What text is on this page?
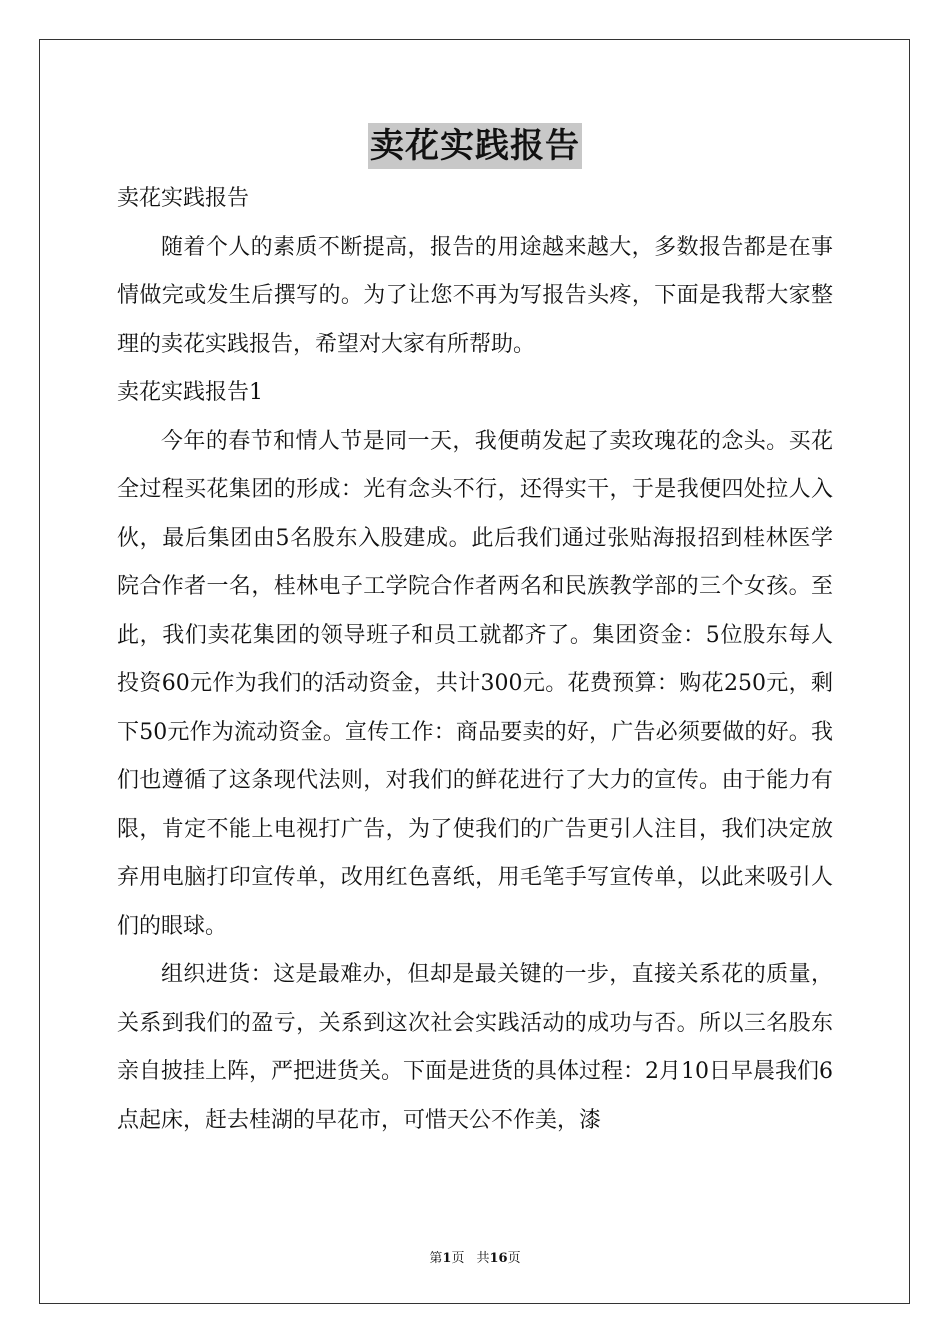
卖花实践报告

卖花实践报告

随着个人的素质不断提高，报告的用途越来越大，多数报告都是在事情做完或发生后撰写的。为了让您不再为写报告头疼，下面是我帮大家整理的卖花实践报告，希望对大家有所帮助。

卖花实践报告1

今年的春节和情人节是同一天，我便萌发起了卖玫瑰花的念头。买花全过程买花集团的形成：光有念头不行，还得实干，于是我便四处拉人入伙，最后集团由5名股东入股建成。此后我们通过张贴海报招到桂林医学院合作者一名，桂林电子工学院合作者两名和民族教学部的三个女孩。至此，我们卖花集团的领导班子和员工就都齐了。集团资金：5位股东每人投资60元作为我们的活动资金，共计300元。花费预算：购花250元，剩下50元作为流动资金。宣传工作：商品要卖的好，广告必须要做的好。我们也遵循了这条现代法则，对我们的鲜花进行了大力的宣传。由于能力有限，肯定不能上电视打广告，为了使我们的广告更引人注目，我们决定放弃用电脑打印宣传单，改用红色喜纸，用毛笔手写宣传单，以此来吸引人们的眼球。

组织进货：这是最难办，但却是最关键的一步，直接关系花的质量，关系到我们的盈亏，关系到这次社会实践活动的成功与否。所以三名股东亲自披挂上阵，严把进货关。下面是进货的具体过程：2月10日早晨我们6点起床，赶去桂湖的早花市，可惜天公不作美，漆

第1页 共16页
